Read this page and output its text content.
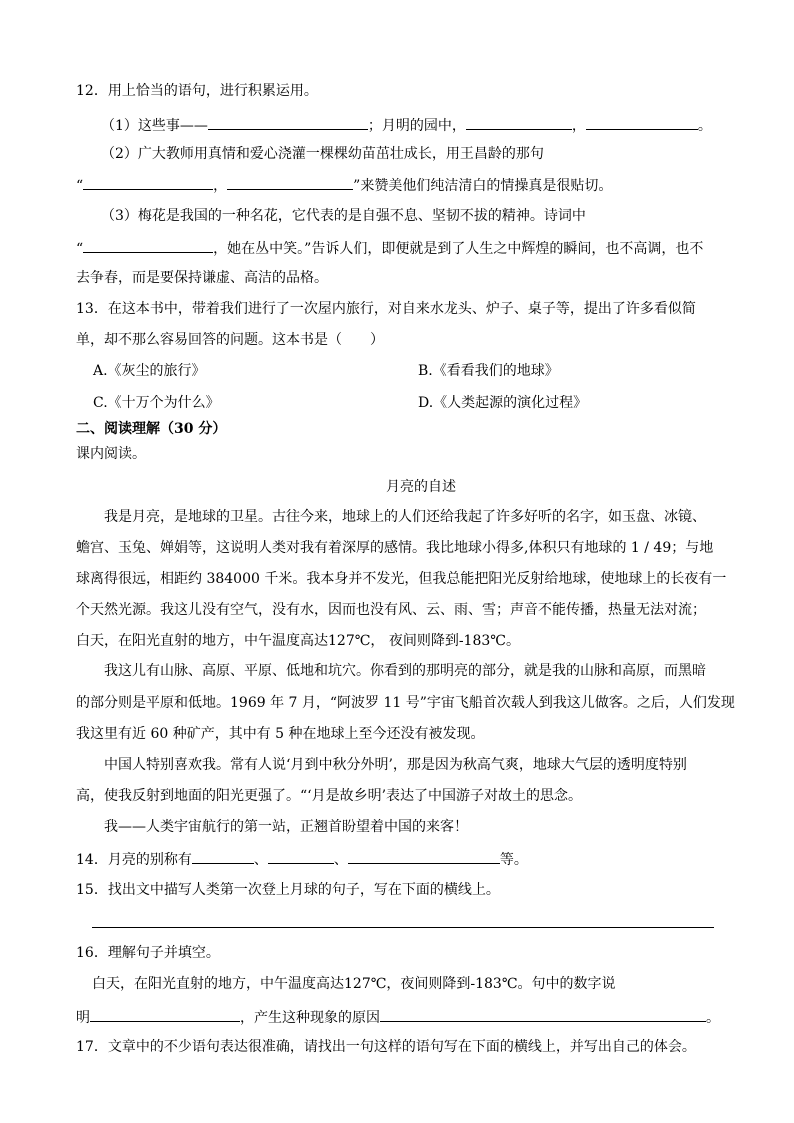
12．用上恰当的语句，进行积累运用。
（1）这些事——	；月明的园中，	，	。
（2）广大教师用真情和爱心浇灌一棵棵幼苗茁壮成长，用王昌龄的那句
“	，	”来赞美他们纯洁清白的情操真是很贴切。
（3）梅花是我国的一种名花，它代表的是自强不息、坚韧不拔的精神。诗词中
“	，她在丛中笑。”告诉人们，即便就是到了人生之中辉煌的瞬间，也不高调，也不
去争春，而是要保持谦虚、高洁的品格。
13．在这本书中，带着我们进行了一次屋内旅行，对自来水龙头、炉子、桌子等，提出了许多看似简
单，却不那么容易回答的问题。这本书是（　　）
A.《灰尘的旅行》	B.《看看我们的地球》
C.《十万个为什么》	D.《人类起源的演化过程》
二、阅读理解（30 分）
课内阅读。
月亮的自述
我是月亮，是地球的卫星。古往今来，地球上的人们还给我起了许多好听的名字，如玉盘、冰镜、
蟾宫、玉兔、婵娟等，这说明人类对我有着深厚的感情。我比地球小得多,体积只有地球的 1 / 49；与地
球离得很远，相距约 384000 千米。我本身并不发光，但我总能把阳光反射给地球，使地球上的长夜有一
个天然光源。我这儿没有空气，没有水，因而也没有风、云、雨、雪；声音不能传播，热量无法对流；
白天，在阳光直射的地方，中午温度高达127℃， 夜间则降到-183℃。
我这儿有山脉、高原、平原、低地和坑穴。你看到的那明亮的部分，就是我的山脉和高原，而黑暗
的部分则是平原和低地。1969 年 7 月，“阿波罗 11 号”宇宙飞船首次载人到我这儿做客。之后，人们发现
我这里有近 60 种矿产，其中有 5 种在地球上至今还没有被发现。
中国人特别喜欢我。常有人说‘月到中秋分外明’，那是因为秋高气爽，地球大气层的透明度特别
高，使我反射到地面的阳光更强了。“‘月是故乡明’表达了中国游子对故土的思念。
我——人类宇宙航行的第一站，正翘首盼望着中国的来客！
14．月亮的别称有	、	、	等。
15．找出文中描写人类第一次登上月球的句子，写在下面的横线上。
16．理解句子并填空。
白天，在阳光直射的地方，中午温度高达127℃，夜间则降到-183℃。句中的数字说
明	，产生这种现象的原因	。
17．文章中的不少语句表达很准确，请找出一句这样的语句写在下面的横线上，并写出自己的体会。
